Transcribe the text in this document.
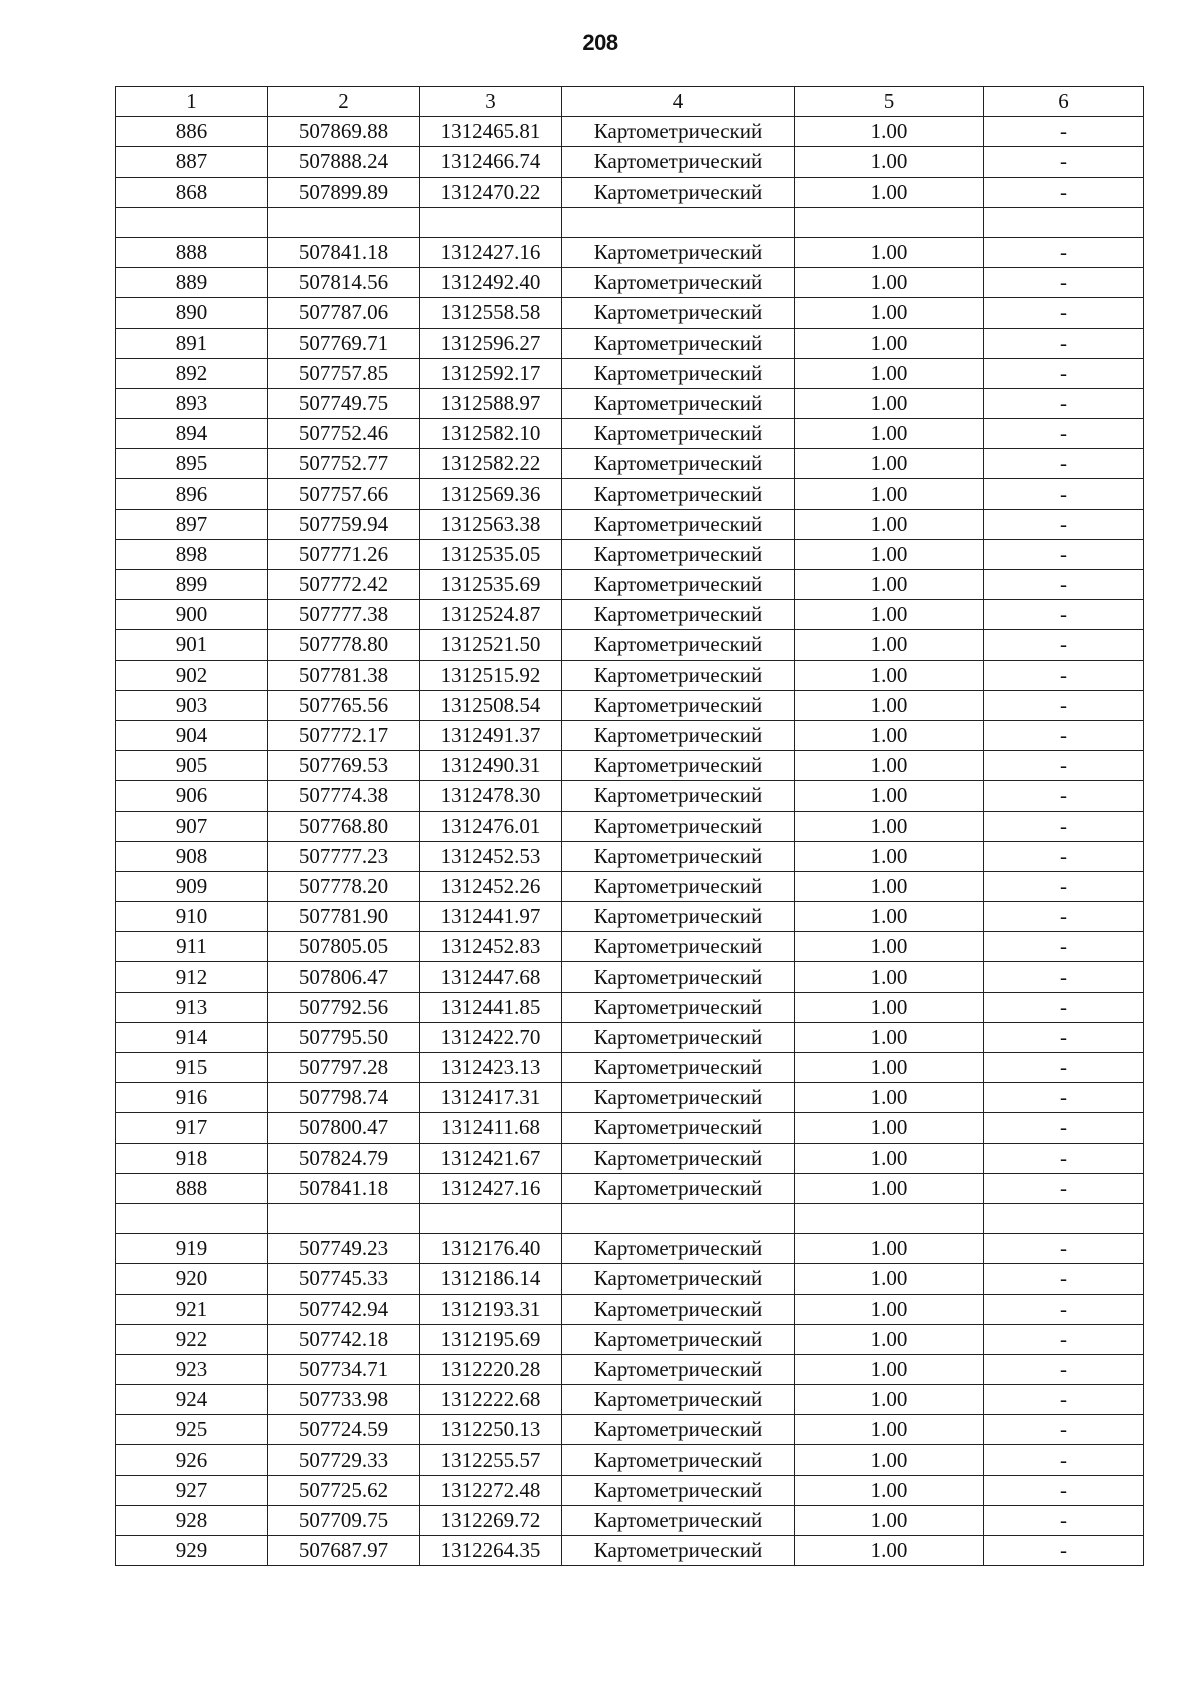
208
1	2	3	4	5	6
886	507869.88	1312465.81	Картометрический	1.00	-
887	507888.24	1312466.74	Картометрический	1.00	-
868	507899.89	1312470.22	Картометрический	1.00	-

888	507841.18	1312427.16	Картометрический	1.00	-
889	507814.56	1312492.40	Картометрический	1.00	-
890	507787.06	1312558.58	Картометрический	1.00	-
891	507769.71	1312596.27	Картометрический	1.00	-
892	507757.85	1312592.17	Картометрический	1.00	-
893	507749.75	1312588.97	Картометрический	1.00	-
894	507752.46	1312582.10	Картометрический	1.00	-
895	507752.77	1312582.22	Картометрический	1.00	-
896	507757.66	1312569.36	Картометрический	1.00	-
897	507759.94	1312563.38	Картометрический	1.00	-
898	507771.26	1312535.05	Картометрический	1.00	-
899	507772.42	1312535.69	Картометрический	1.00	-
900	507777.38	1312524.87	Картометрический	1.00	-
901	507778.80	1312521.50	Картометрический	1.00	-
902	507781.38	1312515.92	Картометрический	1.00	-
903	507765.56	1312508.54	Картометрический	1.00	-
904	507772.17	1312491.37	Картометрический	1.00	-
905	507769.53	1312490.31	Картометрический	1.00	-
906	507774.38	1312478.30	Картометрический	1.00	-
907	507768.80	1312476.01	Картометрический	1.00	-
908	507777.23	1312452.53	Картометрический	1.00	-
909	507778.20	1312452.26	Картометрический	1.00	-
910	507781.90	1312441.97	Картометрический	1.00	-
911	507805.05	1312452.83	Картометрический	1.00	-
912	507806.47	1312447.68	Картометрический	1.00	-
913	507792.56	1312441.85	Картометрический	1.00	-
914	507795.50	1312422.70	Картометрический	1.00	-
915	507797.28	1312423.13	Картометрический	1.00	-
916	507798.74	1312417.31	Картометрический	1.00	-
917	507800.47	1312411.68	Картометрический	1.00	-
918	507824.79	1312421.67	Картометрический	1.00	-
888	507841.18	1312427.16	Картометрический	1.00	-

919	507749.23	1312176.40	Картометрический	1.00	-
920	507745.33	1312186.14	Картометрический	1.00	-
921	507742.94	1312193.31	Картометрический	1.00	-
922	507742.18	1312195.69	Картометрический	1.00	-
923	507734.71	1312220.28	Картометрический	1.00	-
924	507733.98	1312222.68	Картометрический	1.00	-
925	507724.59	1312250.13	Картометрический	1.00	-
926	507729.33	1312255.57	Картометрический	1.00	-
927	507725.62	1312272.48	Картометрический	1.00	-
928	507709.75	1312269.72	Картометрический	1.00	-
929	507687.97	1312264.35	Картометрический	1.00	-
